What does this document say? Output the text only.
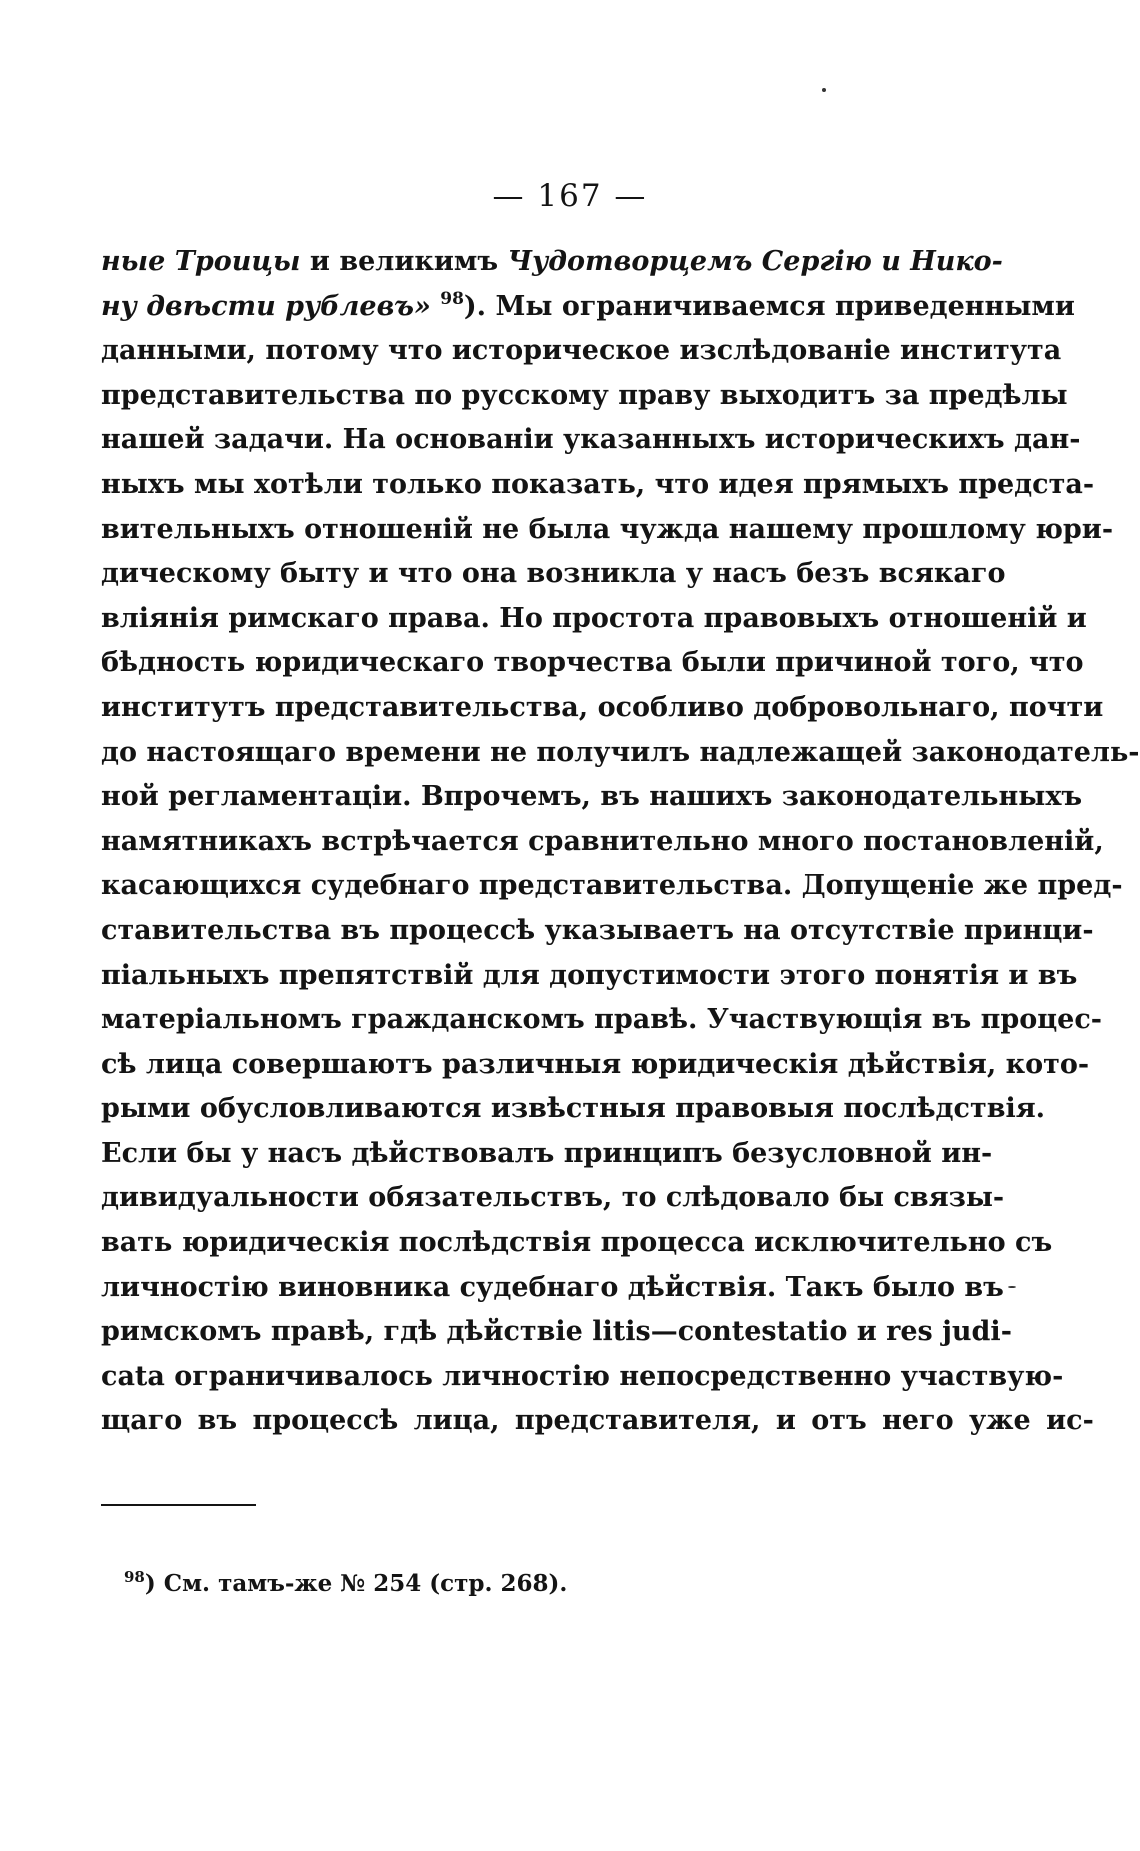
— 167 —
ные Троицы и великимъ Чудотворцемъ Сергію и Нико-
ну двѣсти рублевъ» $^{98}$). Мы ограничиваемся приведенными
данными, потому что историческое изслѣдованіе института
представительства по русскому праву выходитъ за предѣлы
нашей задачи. На основаніи указанныхъ историческихъ дан-
ныхъ мы хотѣли только показать, что идея прямыхъ предста-
вительныхъ отношеній не была чужда нашему прошлому юри-
дическому быту и что она возникла у насъ безъ всякаго
вліянія римскаго права. Но простота правовыхъ отношеній и
бѣдность юридическаго творчества были причиной того, что
институтъ представительства, особливо добровольнаго, почти
до настоящаго времени не получилъ надлежащей законодатель-
ной регламентаціи. Впрочемъ, въ нашихъ законодательныхъ
намятникахъ встрѣчается сравнительно много постановленій,
касающихся судебнаго представительства. Допущеніе же пред-
ставительства въ процессѣ указываетъ на отсутствіе принци-
піальныхъ препятствій для допустимости этого понятія и въ
матеріальномъ гражданскомъ правѣ. Участвующія въ процес-
сѣ лица совершаютъ различныя юридическія дѣйствія, кото-
рыми обусловливаются извѣстныя правовыя послѣдствія.
Если бы у насъ дѣйствовалъ принципъ безусловной ин-
дивидуальности обязательствъ, то слѣдовало бы связы-
вать юридическія послѣдствія процесса исключительно съ
личностію виновника судебнаго дѣйствія. Такъ было въ
римскомъ правѣ, гдѣ дѣйствіе litis—contestatio и res judi-
cata ограничивалось личностію непосредственно участвую-
щаго въ процессѣ лица, представителя, и отъ него уже ис-
$^{98}$) См. тамъ-же № 254 (стр. 268).
